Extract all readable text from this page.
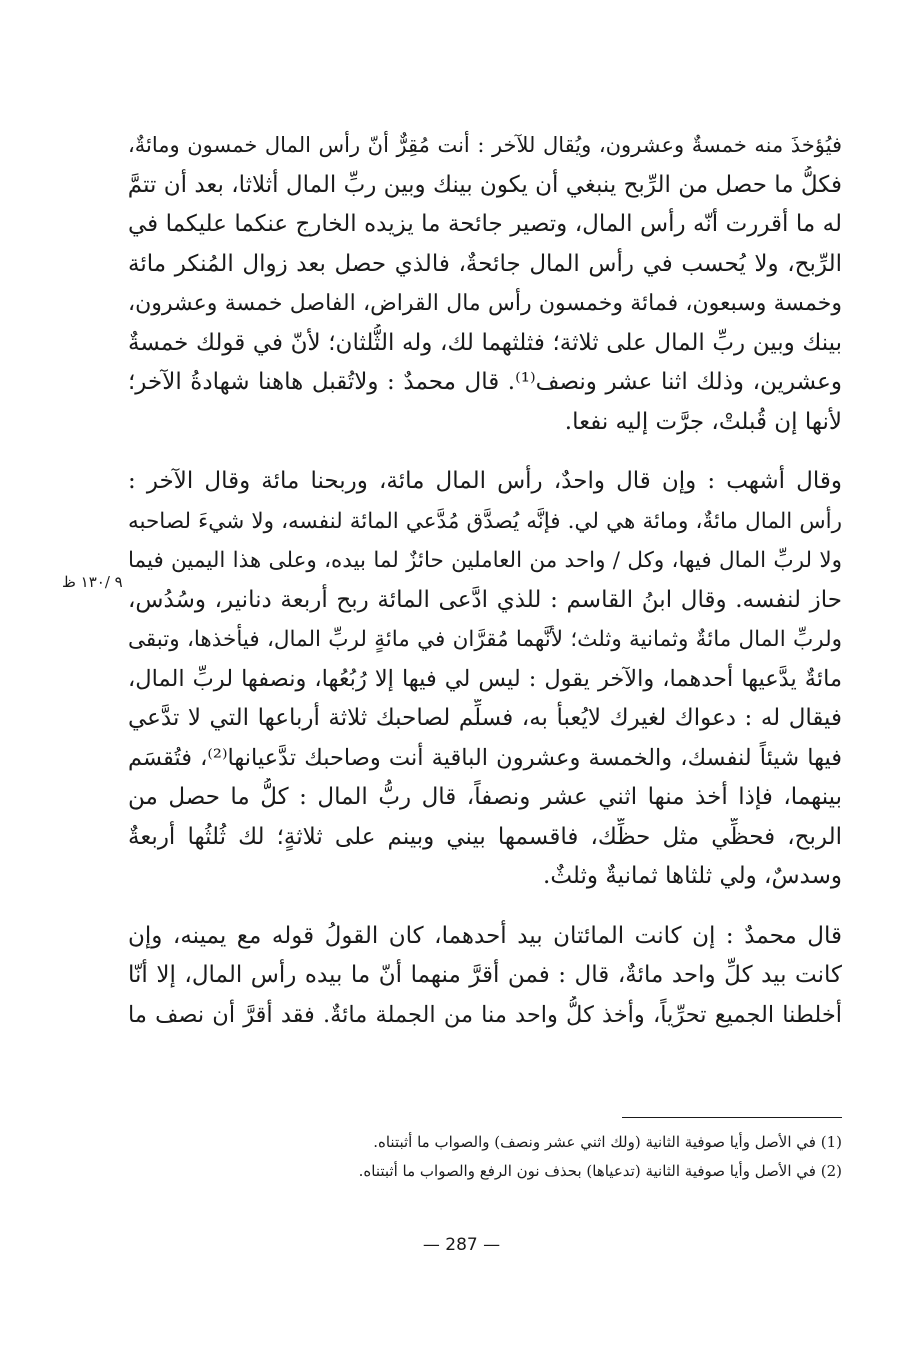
فيُؤخذَ منه خمسةٌ وعشرون، ويُقال للآخر : أنت مُقِرٌّ أنّ رأس المال خمسون ومائةٌ،
فكلُّ ما حصل من الرِّبح ينبغي أن يكون بينك وبين ربِّ المال أثلاثا، بعد أن تتمَّ
له ما أقررت أنّه رأس المال، وتصير جائحة ما يزيده الخارج عنكما عليكما في
الرِّبح، ولا يُحسب في رأس المال جائحةٌ، فالذي حصل بعد زوال المُنكر مائة
وخمسة وسبعون، فمائة وخمسون رأس مال القراض، الفاصل خمسة وعشرون،
بينك وبين ربِّ المال على ثلاثة؛ فثلثهما لك، وله الثُّلثان؛ لأنّ في قولك خمسةٌ
وعشرين، وذلك اثنا عشر ونصف⁽¹⁾. قال محمدٌ : ولاتُقبل هاهنا شهادةُ الآخر؛
لأنها إن قُبلتْ، جرَّت إليه نفعا.
وقال أشهب : وإن قال واحدٌ، رأس المال مائة، وربحنا مائة وقال الآخر :
رأس المال مائةٌ، ومائة هي لي. فإنَّه يُصدَّق مُدَّعي المائة لنفسه، ولا شيءَ لصاحبه
ولا لربِّ المال فيها، وكل / واحد من العاملين حائزٌ لما بيده، وعلى هذا اليمين فيما
حاز لنفسه. وقال ابنُ القاسم : للذي ادَّعى المائة ربح أربعة دنانير، وسُدُس،
ولربِّ المال مائةٌ وثمانية وثلث؛ لأنَّهما مُقرَّان في مائةٍ لربِّ المال، فيأخذها، وتبقى
مائةٌ يدَّعيها أحدهما، والآخر يقول : ليس لي فيها إلا رُبُعُها، ونصفها لربِّ المال،
فيقال له : دعواك لغيرك لايُعبأ به، فسلِّم لصاحبك ثلاثة أرباعها التي لا تدَّعي
فيها شيئاً لنفسك، والخمسة وعشرون الباقية أنت وصاحبك تدَّعيانها⁽²⁾، فتُقسَم
بينهما، فإذا أخذ منها اثني عشر ونصفاً، قال ربُّ المال : كلُّ ما حصل من
الربح، فحظِّي مثل حظِّك، فاقسمها بيني وبينم على ثلاثةٍ؛ لك ثُلثُها أربعةٌ
وسدسٌ، ولي ثلثاها ثمانيةٌ وثلثٌ.
قال محمدٌ : إن كانت المائتان بيد أحدهما، كان القولُ قوله مع يمينه، وإن
كانت بيد كلِّ واحد مائةٌ، قال : فمن أقرَّ منهما أنّ ما بيده رأس المال، إلا أنّا
أخلطنا الجميع تحرِّياً، وأخذ كلُّ واحد منا من الجملة مائةٌ. فقد أقرَّ أن نصف ما
٩ /١٣٠ ظ
(1) في الأصل وأيا صوفية الثانية (ولك اثني عشر ونصف) والصواب ما أثبتناه.
(2) في الأصل وأيا صوفية الثانية (تدعياها) بحذف نون الرفع والصواب ما أثبتناه.
— 287 —
